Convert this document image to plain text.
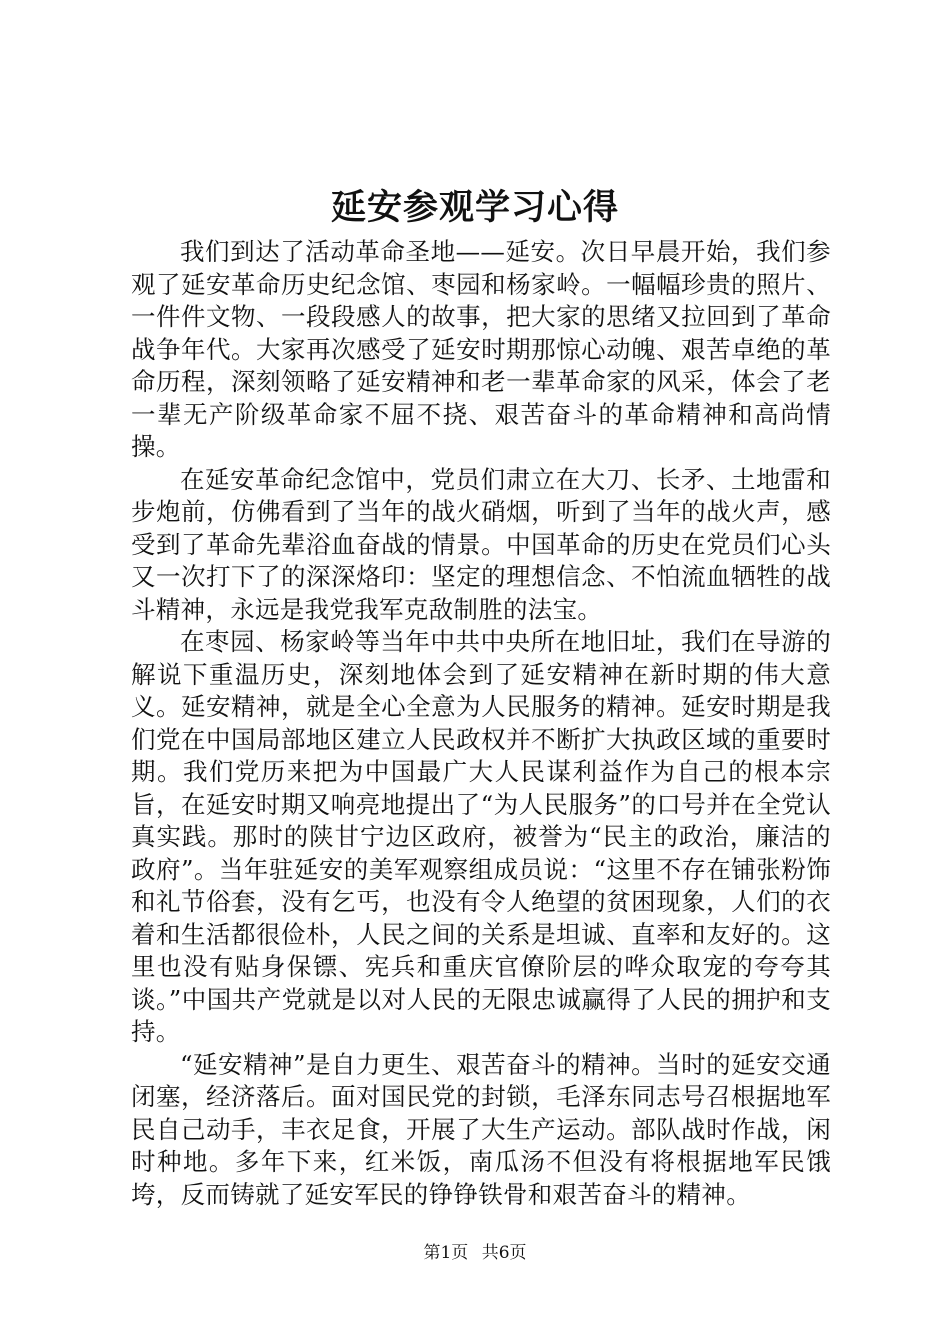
延安参观学习心得

我们到达了活动革命圣地——延安。次日早晨开始，我们参观了延安革命历史纪念馆、枣园和杨家岭。一幅幅珍贵的照片、一件件文物、一段段感人的故事，把大家的思绪又拉回到了革命战争年代。大家再次感受了延安时期那惊心动魄、艰苦卓绝的革命历程，深刻领略了延安精神和老一辈革命家的风采，体会了老一辈无产阶级革命家不屈不挠、艰苦奋斗的革命精神和高尚情操。

在延安革命纪念馆中，党员们肃立在大刀、长矛、土地雷和步炮前，仿佛看到了当年的战火硝烟，听到了当年的战火声，感受到了革命先辈浴血奋战的情景。中国革命的历史在党员们心头又一次打下了的深深烙印：坚定的理想信念、不怕流血牺牲的战斗精神，永远是我党我军克敌制胜的法宝。

在枣园、杨家岭等当年中共中央所在地旧址，我们在导游的解说下重温历史，深刻地体会到了延安精神在新时期的伟大意义。延安精神，就是全心全意为人民服务的精神。延安时期是我们党在中国局部地区建立人民政权并不断扩大执政区域的重要时期。我们党历来把为中国最广大人民谋利益作为自己的根本宗旨，在延安时期又响亮地提出了“为人民服务”的口号并在全党认真实践。那时的陕甘宁边区政府，被誉为“民主的政治，廉洁的政府”。当年驻延安的美军观察组成员说：“这里不存在铺张粉饰和礼节俗套，没有乞丐，也没有令人绝望的贫困现象，人们的衣着和生活都很俭朴，人民之间的关系是坦诚、直率和友好的。这里也没有贴身保镖、宪兵和重庆官僚阶层的哗众取宠的夸夸其谈。”中国共产党就是以对人民的无限忠诚赢得了人民的拥护和支持。

“延安精神”是自力更生、艰苦奋斗的精神。当时的延安交通闭塞，经济落后。面对国民党的封锁，毛泽东同志号召根据地军民自己动手，丰衣足食，开展了大生产运动。部队战时作战，闲时种地。多年下来，红米饭，南瓜汤不但没有将根据地军民饿垮，反而铸就了延安军民的铮铮铁骨和艰苦奋斗的精神。

第1页 共6页
